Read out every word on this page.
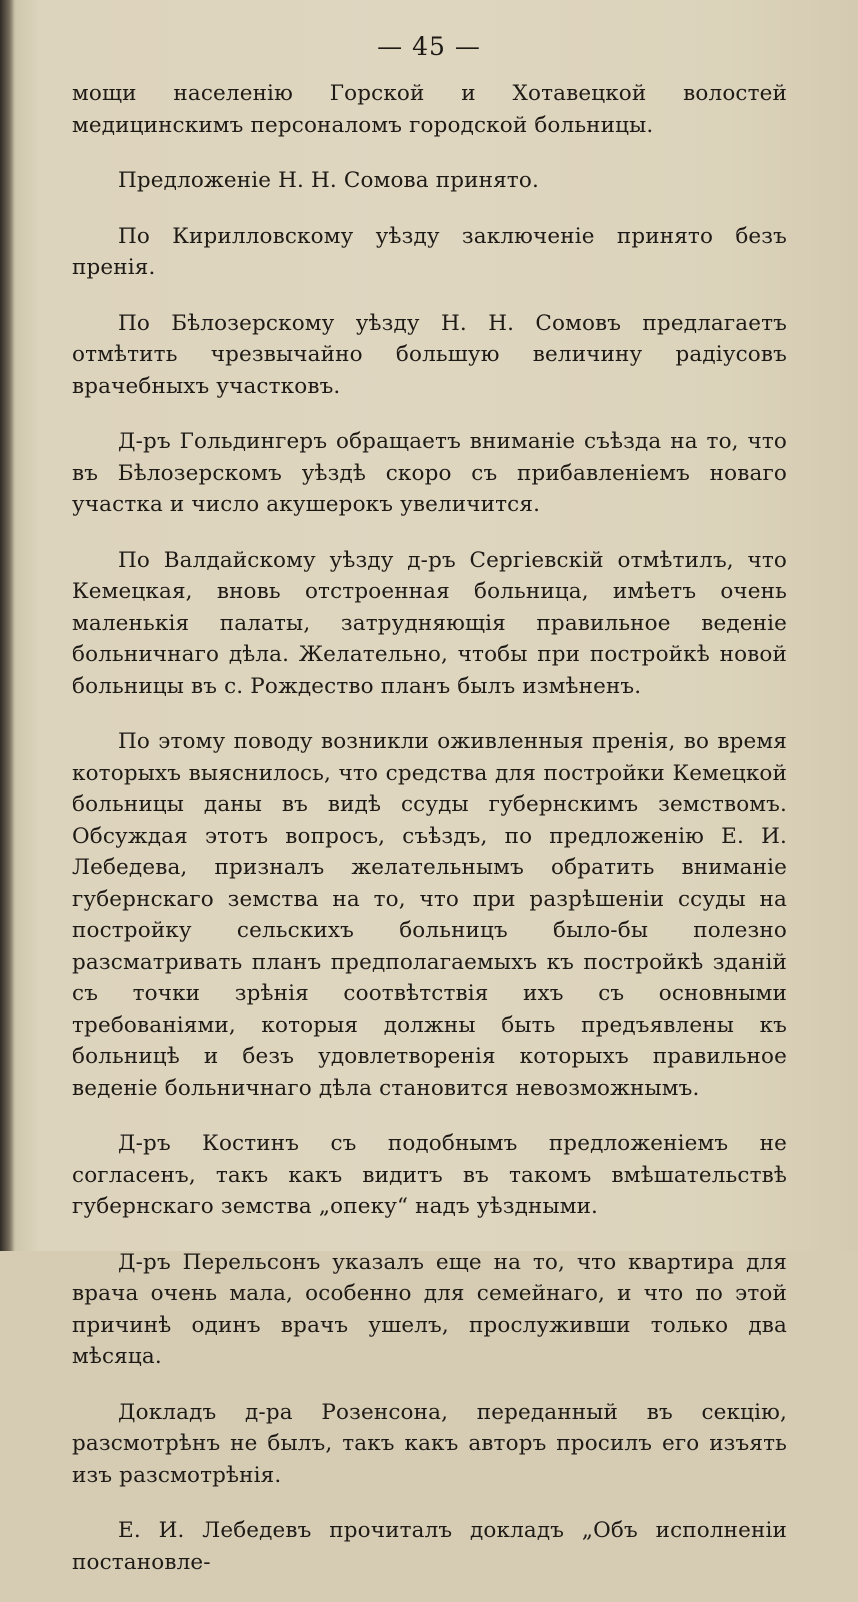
— 45 —

мощи населенію Горской и Хотавецкой волостей медицинскимъ персоналомъ городской больницы.

Предложеніе Н. Н. Сомова принято.

По Кирилловскому уѣзду заключеніе принято безъ пренія.

По Бѣлозерскому уѣзду Н. Н. Сомовъ предлагаетъ отмѣтить чрезвычайно большую величину радіусовъ врачебныхъ участковъ.

Д-ръ Гольдингеръ обращаетъ вниманіе съѣзда на то, что въ Бѣлозерскомъ уѣздѣ скоро съ прибавленіемъ новаго участка и число акушерокъ увеличится.

По Валдайскому уѣзду д-ръ Сергіевскій отмѣтилъ, что Кемецкая, вновь отстроенная больница, имѣетъ очень маленькія палаты, затрудняющія правильное веденіе больничнаго дѣла. Желательно, чтобы при постройкѣ новой больницы въ с. Рождество планъ былъ измѣненъ.

По этому поводу возникли оживленныя пренія, во время которыхъ выяснилось, что средства для постройки Кемецкой больницы даны въ видѣ ссуды губернскимъ земствомъ. Обсуждая этотъ вопросъ, съѣздъ, по предложенію Е. И. Лебедева, призналъ желательнымъ обратить вниманіе губернскаго земства на то, что при разрѣшеніи ссуды на постройку сельскихъ больницъ было-бы полезно разсматривать планъ предполагаемыхъ къ постройкѣ зданій съ точки зрѣнія соотвѣтствія ихъ съ основными требованіями, которыя должны быть предъявлены къ больницѣ и безъ удовлетворенія которыхъ правильное веденіе больничнаго дѣла становится невозможнымъ.

Д-ръ Костинъ съ подобнымъ предложеніемъ не согласенъ, такъ какъ видитъ въ такомъ вмѣшательствѣ губернскаго земства „опеку“ надъ уѣздными.

Д-ръ Перельсонъ указалъ еще на то, что квартира для врача очень мала, особенно для семейнаго, и что по этой причинѣ одинъ врачъ ушелъ, прослуживши только два мѣсяца.

Докладъ д-ра Розенсона, переданный въ секцію, разсмотрѣнъ не былъ, такъ какъ авторъ просилъ его изъять изъ разсмотрѣнія.

Е. И. Лебедевъ прочиталъ докладъ „Объ исполненіи постановле-
